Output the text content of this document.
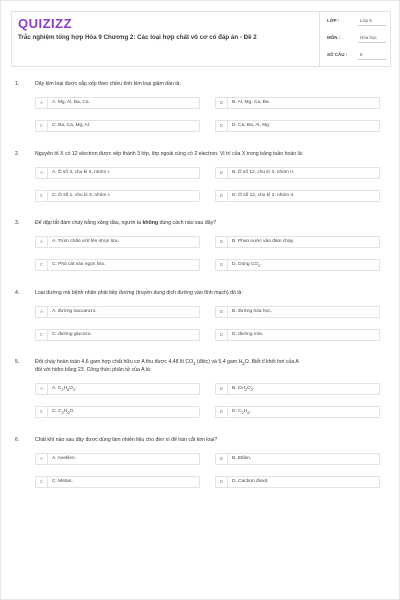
QUIZIZZ
Trắc nghiệm tổng hợp Hóa 9 Chương 2: Các loại hợp chất vô cơ có đáp án - Đề 2
LỚP :	Lớp 9
MÔN :	Hóa học
SỐ CÂU :	6
1.	Dãy kim loại được sắp xếp theo chiều tính kim loại giảm dần là:
A	A. Mg, Al, Ba, Ca.	B	B. Al, Mg, Ca, Ba.
C	C. Ba, Ca, Mg, Al.	D	D. Ca, Ba, Al, Mg.
2.	Nguyên tố X có 12 electron được xếp thành 3 lớp, lớp ngoài cùng có 2 electron. Vị trí của X trong bảng tuần hoàn là:
A	A. Ô số 3, chu kì 2, nhóm I.	B	B. Ô số 12, chu kì 3, nhóm II.
C	C. Ô số 1, chu kì 3, nhóm I.	D	D. Ô số 12, chu kì 2, nhóm II.
3.	Để dập tắt đám cháy bằng xăng dầu, người ta không dùng cách nào sau đây?
A	A. Trùm chăn ướt lên nhọn lửa.	B	B. Phun nước vào đám cháy.
C	C. Phủ cát vào ngọn lửa.	D	D. Dùng $CO_2$.
4.	Loại đường mà bệnh nhân phải tiếp đường (truyền dung dịch đường vào tĩnh mạch) đó là:
A	A. đường saccarozo.	B	B. đường hóa học.
C	C. đường glucozo.	D	D. đường mía.
5.	Đốt cháy hoàn toàn 4,6 gam hợp chất hữu cơ A thu được 4,48 lít $CO_2$ (đktc) và 5,4 gam $H_2O$. Biết tỉ khối hơi của A
đối với hiđro bằng 23. Công thức phân tử của A là:
A	A. $C_2H_6O_2$.	B	B. $CH_2O_2$.
C	C. $C_2H_6O$.	D	D. $C_2H_6$.
6.	Chất khí nào sau đây được dùng làm nhiên liệu cho đèn xì để hàn cắt kim loại?
A	A. Axetilen.	B	B. Etilen.
C	C. Metan.	D	D. Cacbon đioxit.
